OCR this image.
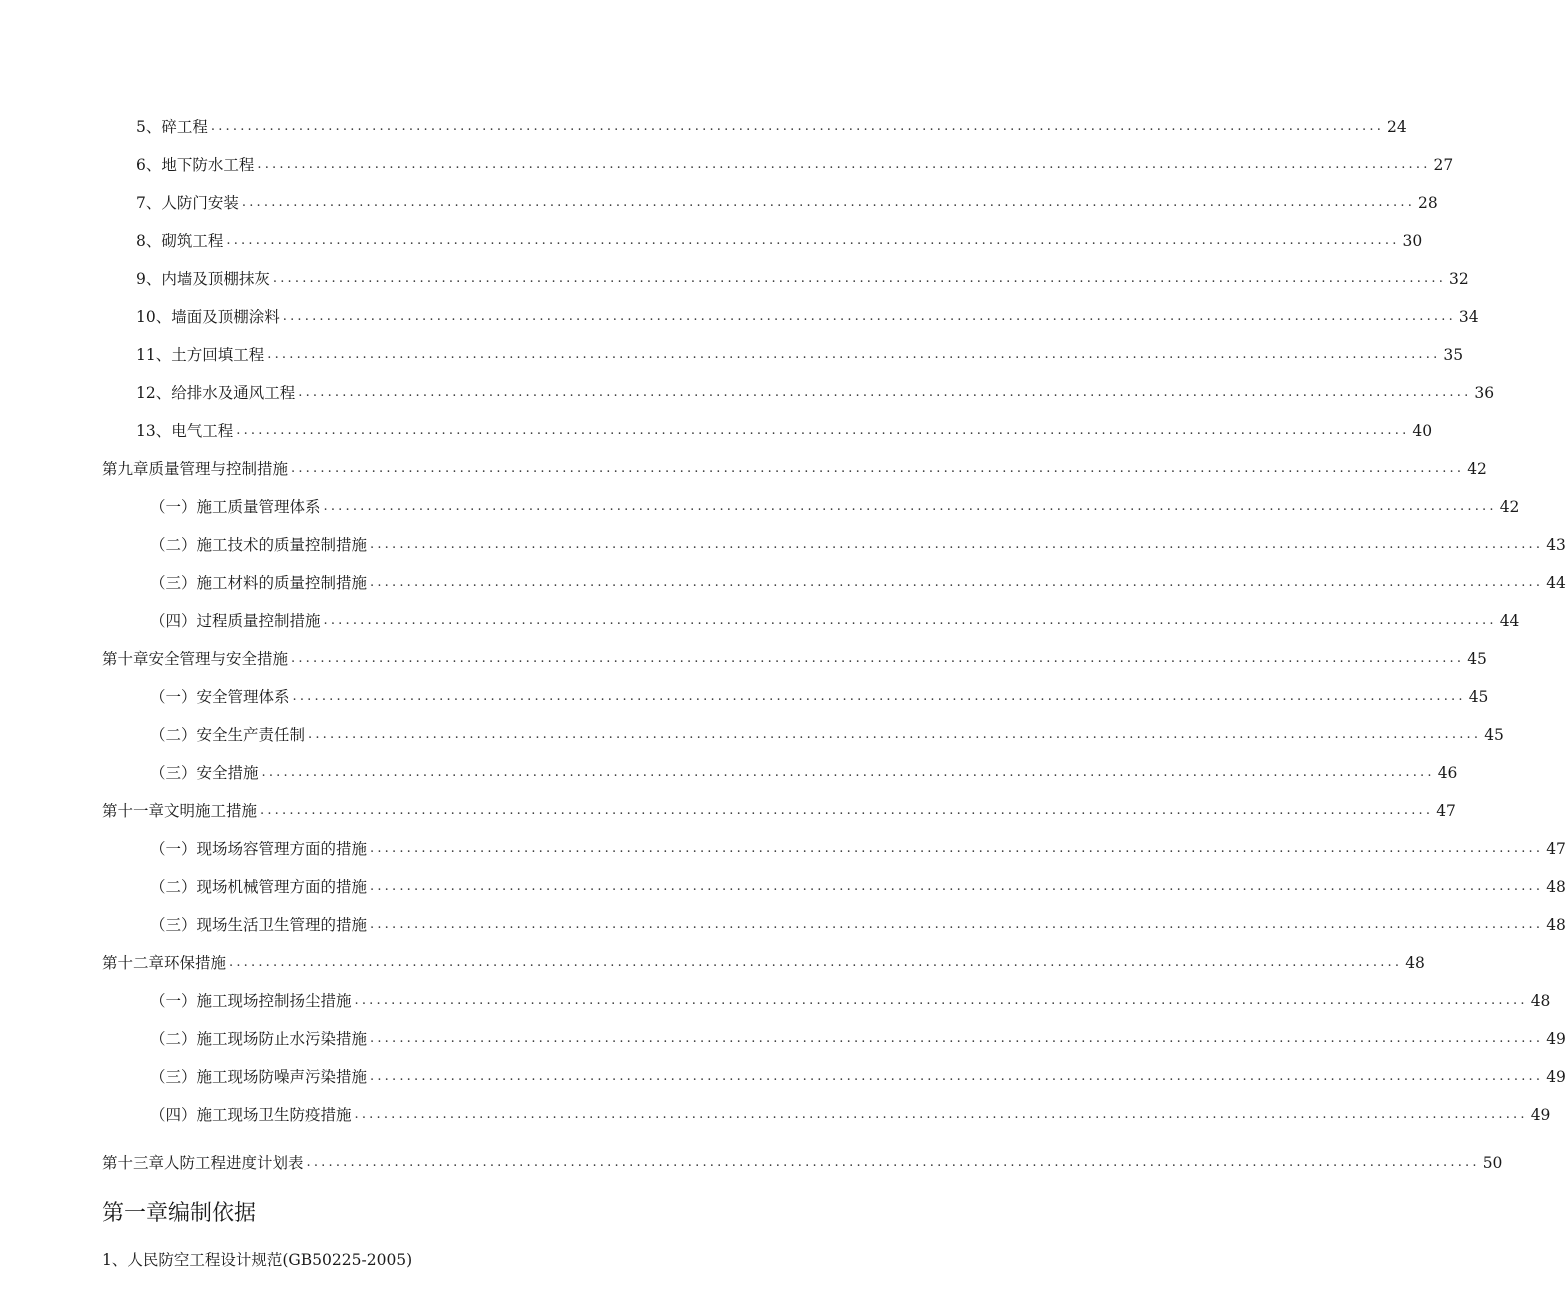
5、碎工程 ................................................................................................................................................................ 24
6、地下防水工程 ................................................................................................................................................................ 27
7、人防门安装 ................................................................................................................................................................ 28
8、砌筑工程 ................................................................................................................................................................ 30
9、内墙及顶棚抹灰 ................................................................................................................................................................ 32
10、墙面及顶棚涂料 ................................................................................................................................................................ 34
11、土方回填工程 ................................................................................................................................................................ 35
12、给排水及通风工程 ................................................................................................................................................................ 36
13、电气工程 ................................................................................................................................................................ 40
第九章质量管理与控制措施 ................................................................................................................................................................ 42
（一）施工质量管理体系 ................................................................................................................................................................ 42
（二）施工技术的质量控制措施 ................................................................................................................................................................ 43
（三）施工材料的质量控制措施 ................................................................................................................................................................ 44
（四）过程质量控制措施 ................................................................................................................................................................ 44
第十章安全管理与安全措施 ................................................................................................................................................................ 45
（一）安全管理体系 ................................................................................................................................................................ 45
（二）安全生产责任制 ................................................................................................................................................................ 45
（三）安全措施 ................................................................................................................................................................ 46
第十一章文明施工措施 ................................................................................................................................................................ 47
（一）现场场容管理方面的措施 ................................................................................................................................................................ 47
（二）现场机械管理方面的措施 ................................................................................................................................................................ 48
（三）现场生活卫生管理的措施 ................................................................................................................................................................ 48
第十二章环保措施 ................................................................................................................................................................ 48
（一）施工现场控制扬尘措施 ................................................................................................................................................................ 48
（二）施工现场防止水污染措施 ................................................................................................................................................................ 49
（三）施工现场防噪声污染措施 ................................................................................................................................................................ 49
（四）施工现场卫生防疫措施 ................................................................................................................................................................ 49
第十三章人防工程进度计划表 ................................................................................................................................................................ 50
第一章编制依据
1、人民防空工程设计规范(GB50225-2005)
